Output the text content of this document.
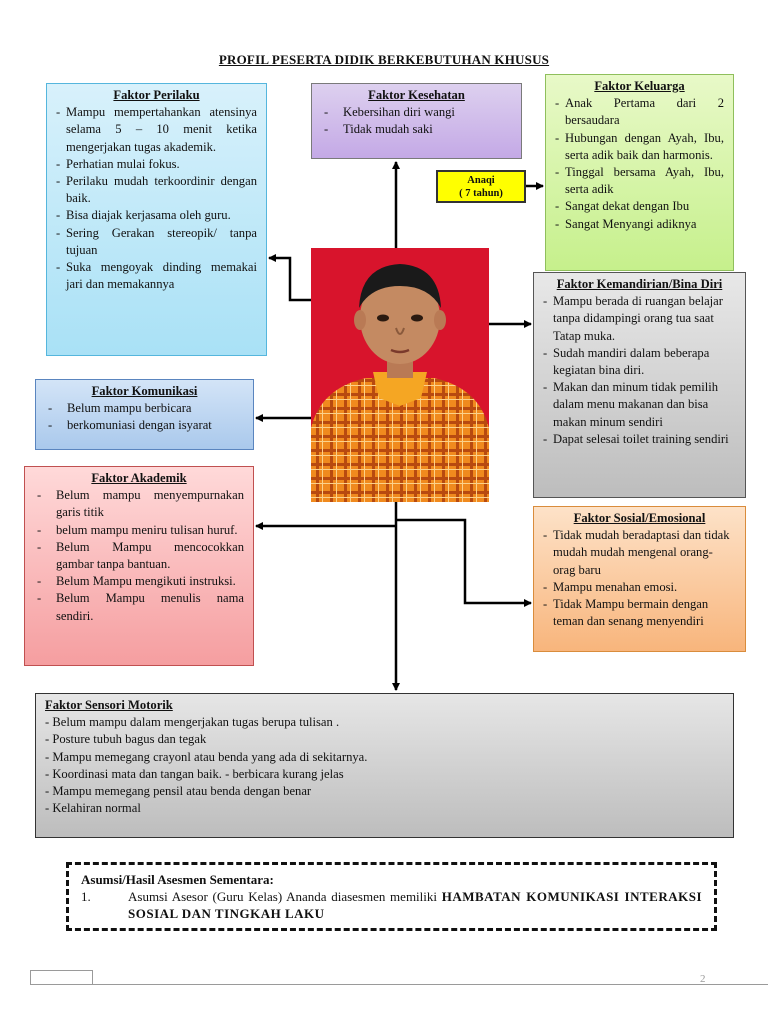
PROFIL PESERTA DIDIK BERKEBUTUHAN KHUSUS
Anaqi
( 7 tahun)
Faktor Perilaku
- Mampu mempertahankan atensinya selama 5 – 10 menit ketika mengerjakan tugas akademik.
- Perhatian mulai fokus.
- Perilaku mudah terkoordinir dengan baik.
- Bisa diajak kerjasama oleh guru.
- Sering Gerakan stereopik/ tanpa tujuan
- Suka mengoyak dinding memakai jari dan memakannya
Faktor Kesehatan
- Kebersihan diri wangi
- Tidak mudah saki
Faktor Keluarga
- Anak Pertama dari 2 bersaudara
- Hubungan dengan Ayah, Ibu, serta adik baik dan harmonis.
- Tinggal bersama Ayah, Ibu, serta adik
- Sangat dekat dengan Ibu
- Sangat Menyangi adiknya
Faktor Kemandirian/Bina Diri
- Mampu berada di ruangan belajar tanpa didampingi orang tua saat Tatap muka.
- Sudah mandiri dalam beberapa kegiatan bina diri.
- Makan dan minum tidak pemilih dalam menu makanan dan bisa makan minum sendiri
- Dapat selesai toilet training sendiri
Faktor Komunikasi
- Belum mampu berbicara
- berkomuniasi dengan isyarat
Faktor Akademik
- Belum mampu menyempurnakan garis titik
- belum mampu meniru tulisan huruf.
- Belum Mampu mencocokkan gambar tanpa bantuan.
- Belum Mampu mengikuti instruksi.
- Belum Mampu menulis nama sendiri.
Faktor Sosial/Emosional
- Tidak mudah beradaptasi dan tidak mudah mudah mengenal orang- orag baru
- Mampu menahan emosi.
- Tidak Mampu bermain dengan teman dan senang menyendiri
Faktor Sensori Motorik
- Belum mampu dalam mengerjakan tugas berupa tulisan .
- Posture tubuh bagus dan tegak
- Mampu memegang crayonl atau benda yang ada di sekitarnya.
- Koordinasi mata dan tangan baik. - berbicara kurang jelas
- Mampu memegang pensil atau benda dengan benar
- Kelahiran normal
Asumsi/Hasil Asesmen Sementara:
1.	Asumsi Asesor (Guru Kelas) Ananda diasesmen memiliki HAMBATAN KOMUNIKASI INTERAKSI SOSIAL DAN TINGKAH LAKU
2
